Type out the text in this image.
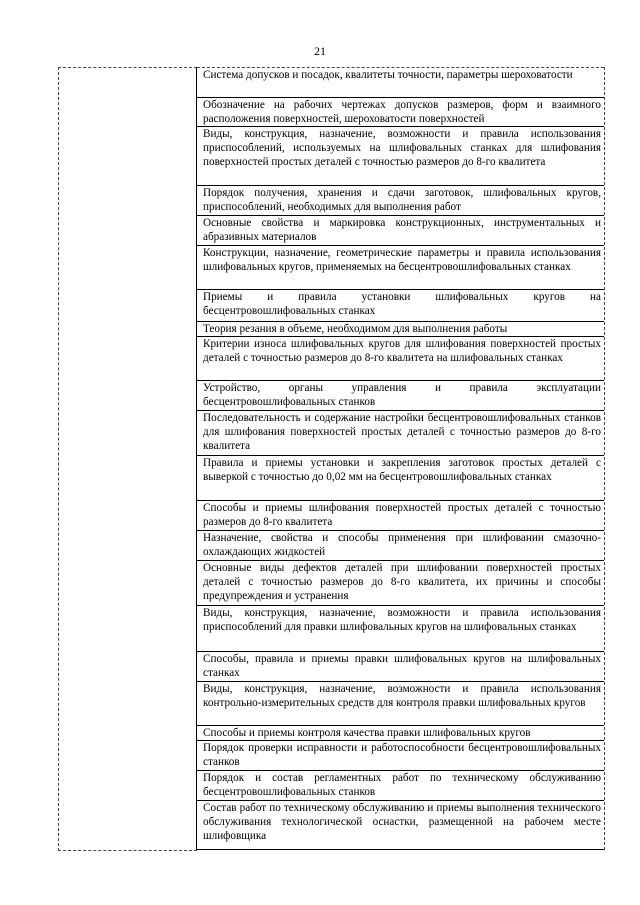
21
Система допусков и посадок, квалитеты точности, параметры шероховатости
Обозначение на рабочих чертежах допусков размеров, форм и взаимного расположения поверхностей, шероховатости поверхностей
Виды, конструкция, назначение, возможности и правила использования приспособлений, используемых на шлифовальных станках для шлифования поверхностей простых деталей с точностью размеров до 8-го квалитета
Порядок получения, хранения и сдачи заготовок, шлифовальных кругов, приспособлений, необходимых для выполнения работ
Основные свойства и маркировка конструкционных, инструментальных и абразивных материалов
Конструкции, назначение, геометрические параметры и правила использования шлифовальных кругов, применяемых на бесцентровошлифовальных станках
Приемы и правила установки шлифовальных кругов на бесцентровошлифовальных станках
Теория резания в объеме, необходимом для выполнения работы
Критерии износа шлифовальных кругов для шлифования поверхностей простых деталей с точностью размеров до 8-го квалитета на шлифовальных станках
Устройство, органы управления и правила эксплуатации бесцентровошлифовальных станков
Последовательность и содержание настройки бесцентровошлифовальных станков для шлифования поверхностей простых деталей с точностью размеров до 8-го квалитета
Правила и приемы установки и закрепления заготовок простых деталей с выверкой с точностью до 0,02 мм на бесцентровошлифовальных станках
Способы и приемы шлифования поверхностей простых деталей с точностью размеров до 8-го квалитета
Назначение, свойства и способы применения при шлифовании смазочно-охлаждающих жидкостей
Основные виды дефектов деталей при шлифовании поверхностей простых деталей с точностью размеров до 8-го квалитета, их причины и способы предупреждения и устранения
Виды, конструкция, назначение, возможности и правила использования приспособлений для правки шлифовальных кругов на шлифовальных станках
Способы, правила и приемы правки шлифовальных кругов на шлифовальных станках
Виды, конструкция, назначение, возможности и правила использования контрольно-измерительных средств для контроля правки шлифовальных кругов
Способы и приемы контроля качества правки шлифовальных кругов
Порядок проверки исправности и работоспособности бесцентровошлифовальных станков
Порядок и состав регламентных работ по техническому обслуживанию бесцентровошлифовальных станков
Состав работ по техническому обслуживанию и приемы выполнения технического обслуживания технологической оснастки, размещенной на рабочем месте шлифовщика
